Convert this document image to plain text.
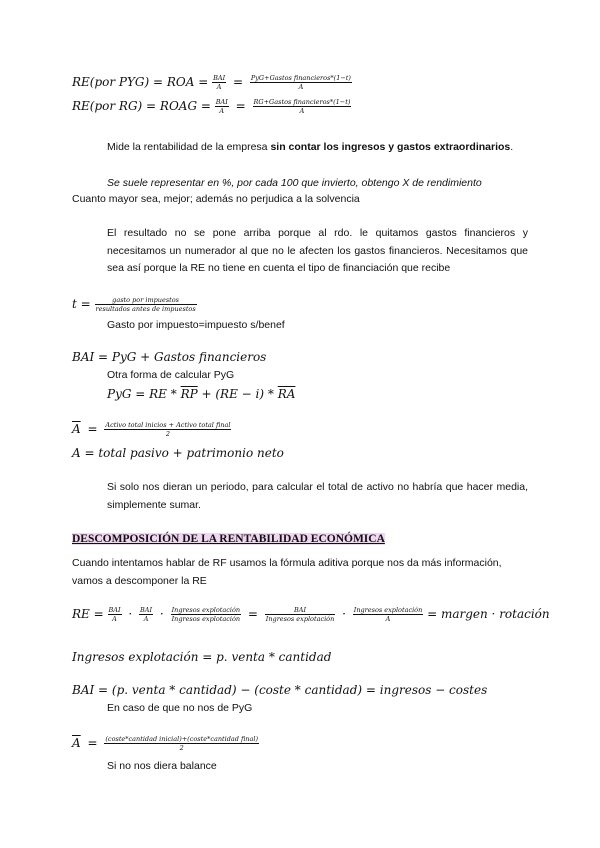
RE(por PYG) = ROA = $\frac{\text{BAI}}{A} = \frac{\text{PyG+Gastos financieros*(1−t)}}{A}$
RE(por RG) = ROAG = $\frac{\text{BAI}}{A} = \frac{\text{RG+Gastos financieros*(1−t)}}{A}$
Mide la rentabilidad de la empresa sin contar los ingresos y gastos extraordinarios.
Se suele representar en %, por cada 100 que invierto, obtengo X de rendimiento
Cuanto mayor sea, mejor; además no perjudica a la solvencia
El resultado no se pone arriba porque al rdo. le quitamos gastos financieros y necesitamos un numerador al que no le afecten los gastos financieros. Necesitamos que sea así porque la RE no tiene en cuenta el tipo de financiación que recibe
$t = \frac{\text{gasto por impuestos}}{\text{resultados antes de impuestos}}$
Gasto por impuesto=impuesto s/benef
BAI = PyG + Gastos financieros
Otra forma de calcular PyG
PyG = RE * $\overline{RP} + (RE - i) * \overline{RA}$
$\overline{A} = \frac{\text{Activo total inicios + Activo total final}}{2}$
A = total pasivo + patrimonio neto
Si solo nos dieran un periodo, para calcular el total de activo no habría que hacer media, simplemente sumar.
DESCOMPOSICIÓN DE LA RENTABILIDAD ECONÓMICA
Cuando intentamos hablar de RF usamos la fórmula aditiva porque nos da más información, vamos a descomponer la RE
RE = $\frac{\text{BAI}}{A} \cdot \frac{\text{BAI}}{A} \cdot \frac{\text{Ingresos explotación}}{\text{Ingresos explotación}} = \frac{\text{BAI}}{\text{Ingresos explotación}} \cdot \frac{\text{Ingresos explotación}}{A}$ = margen · rotación
Ingresos explotación = p. venta * cantidad
BAI = (p. venta * cantidad) − (coste * cantidad) = ingresos − costes
En caso de que no nos de PyG
$\overline{A} = \frac{\text{(coste*cantidad inicial)+(coste*cantidad final)}}{2}$
Si no nos diera balance
